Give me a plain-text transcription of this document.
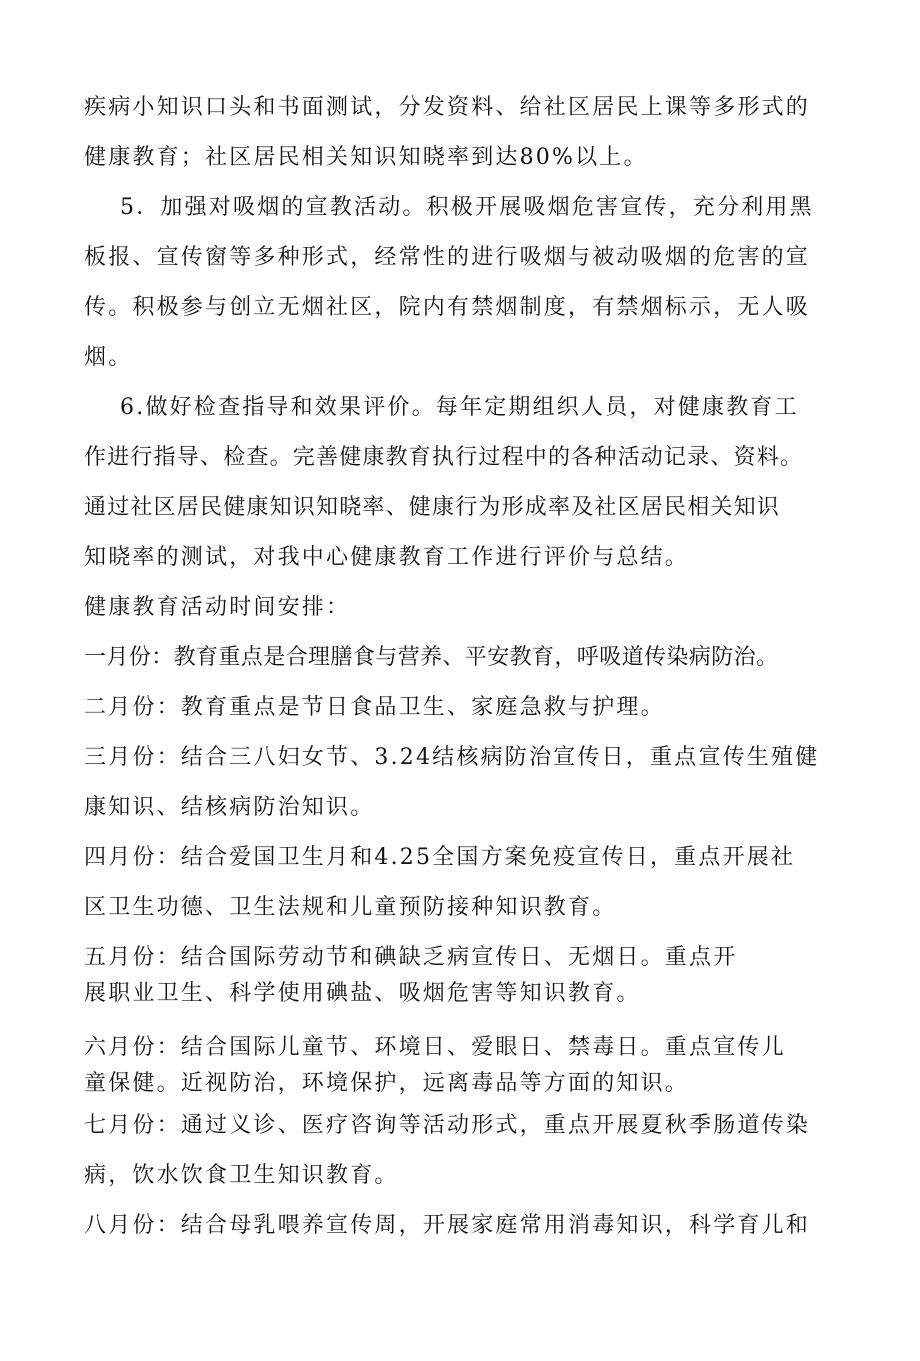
疾病小知识口头和书面测试，分发资料、给社区居民上课等多形式的
健康教育；社区居民相关知识知晓率到达80%以上。
5．加强对吸烟的宣教活动。积极开展吸烟危害宣传，充分利用黑
板报、宣传窗等多种形式，经常性的进行吸烟与被动吸烟的危害的宣
传。积极参与创立无烟社区，院内有禁烟制度，有禁烟标示，无人吸
烟。
6.做好检查指导和效果评价。每年定期组织人员，对健康教育工
作进行指导、检查。完善健康教育执行过程中的各种活动记录、资料。
通过社区居民健康知识知晓率、健康行为形成率及社区居民相关知识
知晓率的测试，对我中心健康教育工作进行评价与总结。
健康教育活动时间安排：
一月份：教育重点是合理膳食与营养、平安教育，呼吸道传染病防治。
二月份：教育重点是节日食品卫生、家庭急救与护理。
三月份：结合三八妇女节、3.24结核病防治宣传日，重点宣传生殖健
康知识、结核病防治知识。
四月份：结合爱国卫生月和4.25全国方案免疫宣传日，重点开展社
区卫生功德、卫生法规和儿童预防接种知识教育。
五月份：结合国际劳动节和碘缺乏病宣传日、无烟日。重点开
展职业卫生、科学使用碘盐、吸烟危害等知识教育。
六月份：结合国际儿童节、环境日、爱眼日、禁毒日。重点宣传儿
童保健。近视防治，环境保护，远离毒品等方面的知识。
七月份：通过义诊、医疗咨询等活动形式，重点开展夏秋季肠道传染
病，饮水饮食卫生知识教育。
八月份：结合母乳喂养宣传周，开展家庭常用消毒知识，科学育儿和
